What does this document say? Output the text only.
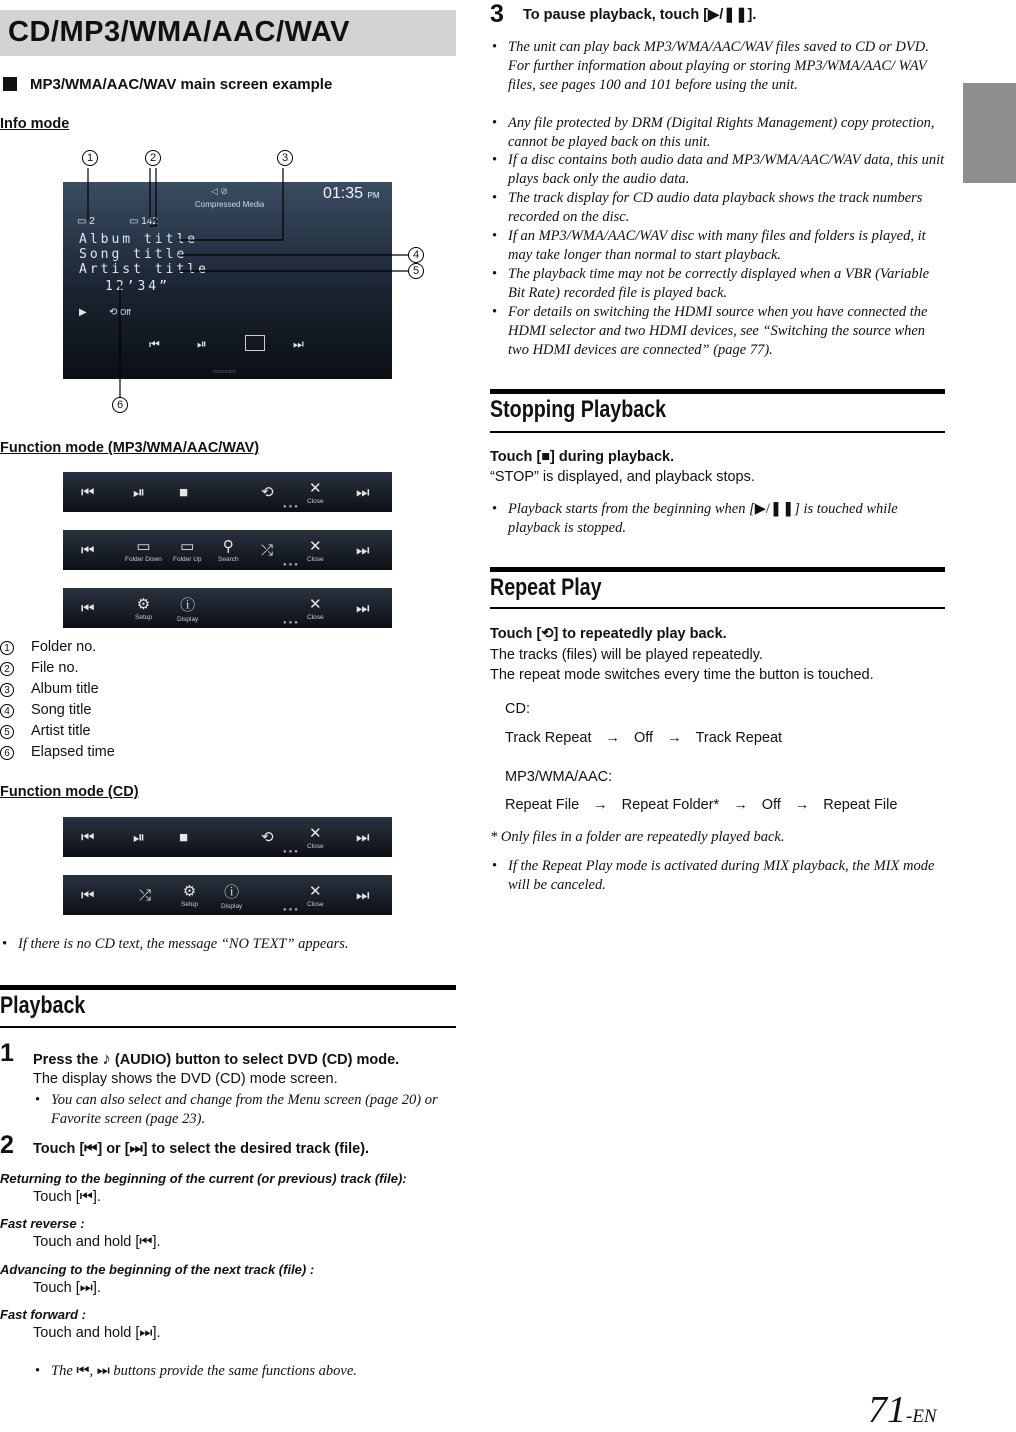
CD/MP3/WMA/AAC/WAV
MP3/WMA/AAC/WAV main screen example
Info mode
▭ 2	▭ 142
◁ ⊘
Compressed Media
01:35 PM
Album title
Song title
Artist title
12’34”
▶ ⟲ Off
⏮	⏯	⏭
▭▭▭▭
1	2	3
4
5
6
Function mode (MP3/WMA/AAC/WAV)
⏮	⏯ ■	⟲ ✕
Close
⏭
●●●
⏮	▭
Folder Down
▭
Folder Up
⚲
Search
⤮ ✕
Close
⏭
●●●
⏮	⚙
Setup
ⓘ
Display
✕
Close
⏭
●●●
1 Folder no.
2 File no.
3 Album title
4 Song title
5 Artist title
6 Elapsed time
Function mode (CD)
⏮	⏯ ■	⟲ ✕
Close
⏭
●●●
⏮	⤮ ⚙
Setup
ⓘ
Display
✕
Close
⏭
●●●
• If there is no CD text, the message “NO TEXT” appears.
Playback
1 Press the ♪ (AUDIO) button to select DVD (CD) mode.
The display shows the DVD (CD) mode screen.
• You can also select and change from the Menu screen (page 20) or Favorite screen (page 23).
2 Touch [⏮] or [⏭] to select the desired track (file).
Returning to the beginning of the current (or previous) track (file):
Touch [⏮].
Fast reverse :
Touch and hold [⏮].
Advancing to the beginning of the next track (file) :
Touch [⏭].
Fast forward :
Touch and hold [⏭].
• The ⏮, ⏭ buttons provide the same functions above.
3 To pause playback, touch [▶/❚❚].
• The unit can play back MP3/WMA/AAC/WAV files saved to CD or DVD.
For further information about playing or storing MP3/WMA/AAC/ WAV files, see pages 100 and 101 before using the unit.
• Any file protected by DRM (Digital Rights Management) copy protection, cannot be played back on this unit.
• If a disc contains both audio data and MP3/WMA/AAC/WAV data, this unit plays back only the audio data.
• The track display for CD audio data playback shows the track numbers recorded on the disc.
• If an MP3/WMA/AAC/WAV disc with many files and folders is played, it may take longer than normal to start playback.
• The playback time may not be correctly displayed when a VBR (Variable Bit Rate) recorded file is played back.
• For details on switching the HDMI source when you have connected the HDMI selector and two HDMI devices, see “Switching the source when two HDMI devices are connected” (page 77).
Stopping Playback
Touch [■] during playback.
“STOP” is displayed, and playback stops.
• Playback starts from the beginning when [▶/❚❚] is touched while playback is stopped.
Repeat Play
Touch [⟲] to repeatedly play back.
The tracks (files) will be played repeatedly.
The repeat mode switches every time the button is touched.
CD:
Track Repeat → Off → Track Repeat
MP3/WMA/AAC:
Repeat File → Repeat Folder* → Off → Repeat File
* Only files in a folder are repeatedly played back.
• If the Repeat Play mode is activated during MIX playback, the MIX mode will be canceled.
71-EN
